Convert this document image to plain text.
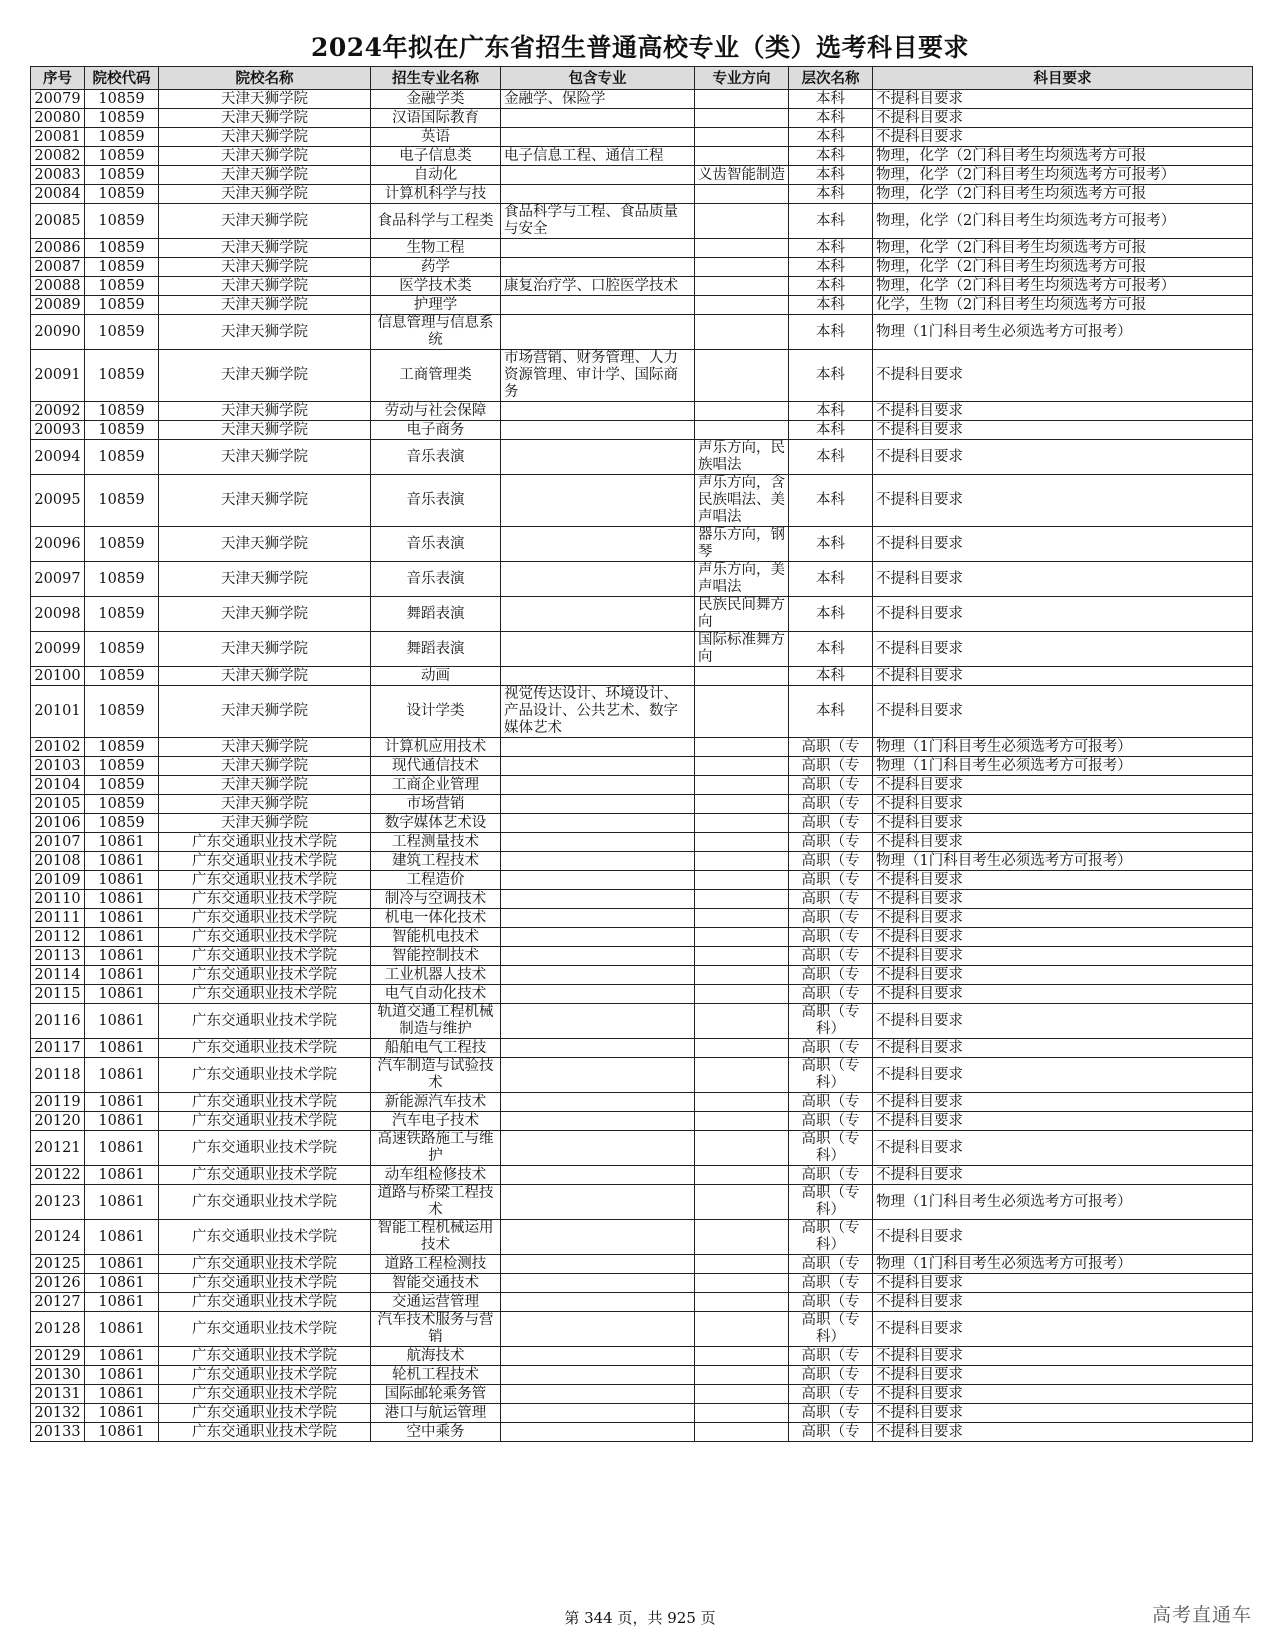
2024年拟在广东省招生普通高校专业（类）选考科目要求
序号	院校代码	院校名称	招生专业名称	包含专业	专业方向	层次名称	科目要求
20079	10859	天津天狮学院	金融学类	金融学、保险学		本科	不提科目要求
20080	10859	天津天狮学院	汉语国际教育			本科	不提科目要求
20081	10859	天津天狮学院	英语			本科	不提科目要求
20082	10859	天津天狮学院	电子信息类	电子信息工程、通信工程		本科	物理，化学（2门科目考生均须选考方可报
20083	10859	天津天狮学院	自动化		义齿智能制造	本科	物理，化学（2门科目考生均须选考方可报考）
20084	10859	天津天狮学院	计算机科学与技			本科	物理，化学（2门科目考生均须选考方可报
20085	10859	天津天狮学院	食品科学与工程类	食品科学与工程、食品质量与安全		本科	物理，化学（2门科目考生均须选考方可报考）
20086	10859	天津天狮学院	生物工程			本科	物理，化学（2门科目考生均须选考方可报
20087	10859	天津天狮学院	药学			本科	物理，化学（2门科目考生均须选考方可报
20088	10859	天津天狮学院	医学技术类	康复治疗学、口腔医学技术		本科	物理，化学（2门科目考生均须选考方可报考）
20089	10859	天津天狮学院	护理学			本科	化学，生物（2门科目考生均须选考方可报
20090	10859	天津天狮学院	信息管理与信息系统			本科	物理（1门科目考生必须选考方可报考）
20091	10859	天津天狮学院	工商管理类	市场营销、财务管理、人力资源管理、审计学、国际商务		本科	不提科目要求
20092	10859	天津天狮学院	劳动与社会保障			本科	不提科目要求
20093	10859	天津天狮学院	电子商务			本科	不提科目要求
20094	10859	天津天狮学院	音乐表演		声乐方向，民族唱法	本科	不提科目要求
20095	10859	天津天狮学院	音乐表演		声乐方向，含民族唱法、美声唱法	本科	不提科目要求
20096	10859	天津天狮学院	音乐表演		器乐方向，钢琴	本科	不提科目要求
20097	10859	天津天狮学院	音乐表演		声乐方向，美声唱法	本科	不提科目要求
20098	10859	天津天狮学院	舞蹈表演		民族民间舞方向	本科	不提科目要求
20099	10859	天津天狮学院	舞蹈表演		国际标准舞方向	本科	不提科目要求
20100	10859	天津天狮学院	动画			本科	不提科目要求
20101	10859	天津天狮学院	设计学类	视觉传达设计、环境设计、产品设计、公共艺术、数字媒体艺术		本科	不提科目要求
20102	10859	天津天狮学院	计算机应用技术			高职（专	物理（1门科目考生必须选考方可报考）
20103	10859	天津天狮学院	现代通信技术			高职（专	物理（1门科目考生必须选考方可报考）
20104	10859	天津天狮学院	工商企业管理			高职（专	不提科目要求
20105	10859	天津天狮学院	市场营销			高职（专	不提科目要求
20106	10859	天津天狮学院	数字媒体艺术设			高职（专	不提科目要求
20107	10861	广东交通职业技术学院	工程测量技术			高职（专	不提科目要求
20108	10861	广东交通职业技术学院	建筑工程技术			高职（专	物理（1门科目考生必须选考方可报考）
20109	10861	广东交通职业技术学院	工程造价			高职（专	不提科目要求
20110	10861	广东交通职业技术学院	制冷与空调技术			高职（专	不提科目要求
20111	10861	广东交通职业技术学院	机电一体化技术			高职（专	不提科目要求
20112	10861	广东交通职业技术学院	智能机电技术			高职（专	不提科目要求
20113	10861	广东交通职业技术学院	智能控制技术			高职（专	不提科目要求
20114	10861	广东交通职业技术学院	工业机器人技术			高职（专	不提科目要求
20115	10861	广东交通职业技术学院	电气自动化技术			高职（专	不提科目要求
20116	10861	广东交通职业技术学院	轨道交通工程机械制造与维护			高职（专科）	不提科目要求
20117	10861	广东交通职业技术学院	船舶电气工程技			高职（专	不提科目要求
20118	10861	广东交通职业技术学院	汽车制造与试验技术			高职（专科）	不提科目要求
20119	10861	广东交通职业技术学院	新能源汽车技术			高职（专	不提科目要求
20120	10861	广东交通职业技术学院	汽车电子技术			高职（专	不提科目要求
20121	10861	广东交通职业技术学院	高速铁路施工与维护			高职（专科）	不提科目要求
20122	10861	广东交通职业技术学院	动车组检修技术			高职（专	不提科目要求
20123	10861	广东交通职业技术学院	道路与桥梁工程技术			高职（专科）	物理（1门科目考生必须选考方可报考）
20124	10861	广东交通职业技术学院	智能工程机械运用技术			高职（专科）	不提科目要求
20125	10861	广东交通职业技术学院	道路工程检测技			高职（专	物理（1门科目考生必须选考方可报考）
20126	10861	广东交通职业技术学院	智能交通技术			高职（专	不提科目要求
20127	10861	广东交通职业技术学院	交通运营管理			高职（专	不提科目要求
20128	10861	广东交通职业技术学院	汽车技术服务与营销			高职（专科）	不提科目要求
20129	10861	广东交通职业技术学院	航海技术			高职（专	不提科目要求
20130	10861	广东交通职业技术学院	轮机工程技术			高职（专	不提科目要求
20131	10861	广东交通职业技术学院	国际邮轮乘务管			高职（专	不提科目要求
20132	10861	广东交通职业技术学院	港口与航运管理			高职（专	不提科目要求
20133	10861	广东交通职业技术学院	空中乘务			高职（专	不提科目要求
第 344 页，共 925 页	高考直通车
